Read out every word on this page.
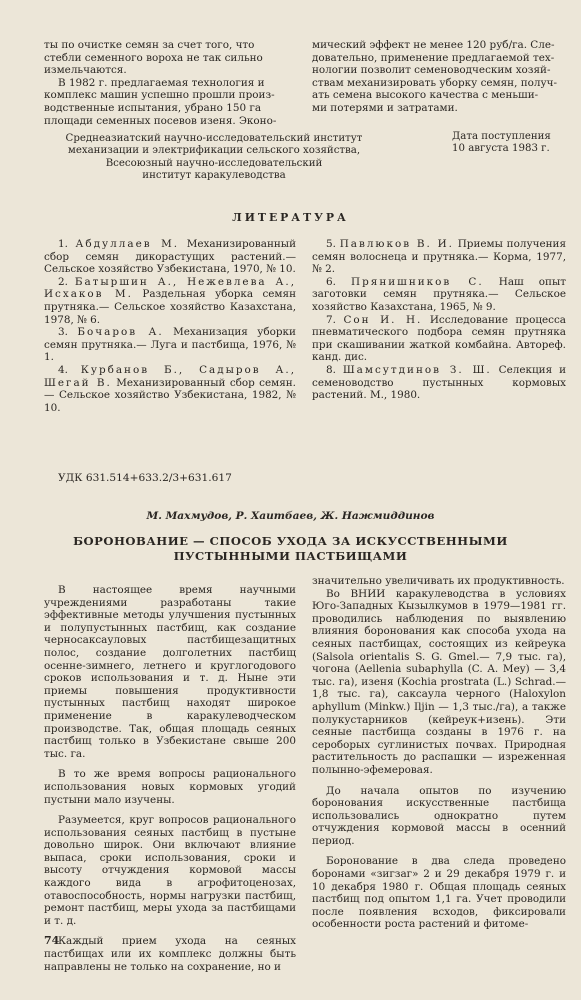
ты по очистке семян за счет того, что

стебли семенного вороха не так сильно

измельчаются.

В 1982 г. предлагаемая технология и

комплекс машин успешно прошли произ-

водственные испытания, убрано 150 га

площади семенных посевов изеня. Эконо-

мический эффект не менее 120 руб/га. Сле-

довательно, применение предлагаемой тех-

нологии позволит семеноводческим хозяй-

ствам механизировать уборку семян, получ-

ать семена высокого качества с меньши-

ми потерями и затратами.

Среднеазиатский научно-исследовательский институт
механизации и электрификации сельского хозяйства,
Всесоюзный научно-исследовательский
институт каракулеводства
Дата поступления
10 августа 1983 г.
ЛИТЕРАТУРА

1. Абдуллаев М. Механизированный сбор семян дикорастущих растений.— Сельское хозяйство Узбекистана, 1970, № 10.

2. Батыршин А., Нежевлева А., Исхаков М. Раздельная уборка семян прутняка.— Сельское хозяйство Казахстана, 1978, № 6.

3. Бочаров А. Механизация уборки семян прутняка.— Луга и пастбища, 1976, № 1.

4. Курбанов Б., Садыров А., Шегай В. Механизированный сбор семян.— Сельское хозяйство Узбекистана, 1982, № 10.

5. Павлюков В. И. Приемы получения семян волоснеца и прутняка.— Корма, 1977, № 2.

6. Прянишников С. Наш опыт заготовки семян прутняка.— Сельское хозяйство Казахстана, 1965, № 9.

7. Сон И. Н. Исследование процесса пневматического подбора семян прутняка при скашивании жаткой комбайна. Автореф. канд. дис.

8. Шамсутдинов З. Ш. Селекция и семеноводство пустынных кормовых растений. М., 1980.

УДК 631.514+633.2/3+631.617
М. Махмудов, Р. Хаитбаев, Ж. Нажмиддинов
БОРОНОВАНИЕ — СПОСОБ УХОДА ЗА ИСКУССТВЕННЫМИ
ПУСТЫННЫМИ ПАСТБИЩАМИ

В настоящее время научными учреждениями разработаны такие эффективные методы улучшения пустынных и полупустынных пастбищ, как создание черносаксауловых пастбищезащитных полос, создание долголетних пастбищ осенне-зимнего, летнего и круглогодового сроков использования и т. д. Ныне эти приемы повышения продуктивности пустынных пастбищ находят широкое применение в каракулеводческом производстве. Так, общая площадь сеяных пастбищ только в Узбекистане свыше 200 тыс. га.

В то же время вопросы рационального использования новых кормовых угодий пустыни мало изучены.

Разумеется, круг вопросов рационального использования сеяных пастбищ в пустыне довольно широк. Они включают влияние выпаса, сроки использования, сроки и высоту отчуждения кормовой массы каждого вида в агрофитоценозах, отавоспособность, нормы нагрузки пастбищ, ремонт пастбищ, меры ухода за пастбищами и т. д.

Каждый прием ухода на сеяных пастбищах или их комплекс должны быть направлены не только на сохранение, но и

значительно увеличивать их продуктивность.

Во ВНИИ каракулеводства в условиях Юго-Западных Кызылкумов в 1979—1981 гг. проводились наблюдения по выявлению влияния боронования как способа ухода на сеяных пастбищах, состоящих из кейреука (Salsola orientalis S. G. Gmel.— 7,9 тыс. га), чогона (Aellenia subaphylla (C. A. Mey) — 3,4 тыс. га), изеня (Kochia prostrata (L.) Schrad.— 1,8 тыс. га), саксаула черного (Haloxylon aphyllum (Minkw.) Iljin — 1,3 тыс./га), а также полукустарников (кейреук+изень). Эти сеяные пастбища созданы в 1976 г. на сероборых суглинистых почвах. Природная растительность до распашки — изреженная полынно-эфемеровая.

До начала опытов по изучению боронования искусственные пастбища использовались однократно путем отчуждения кормовой массы в осенний период.

Боронование в два следа проведено боронами «зигзаг» 2 и 29 декабря 1979 г. и 10 декабря 1980 г. Общая площадь сеяных пастбищ под опытом 1,1 га. Учет проводили после появления всходов, фиксировали особенности роста растений и фитоме-

74
